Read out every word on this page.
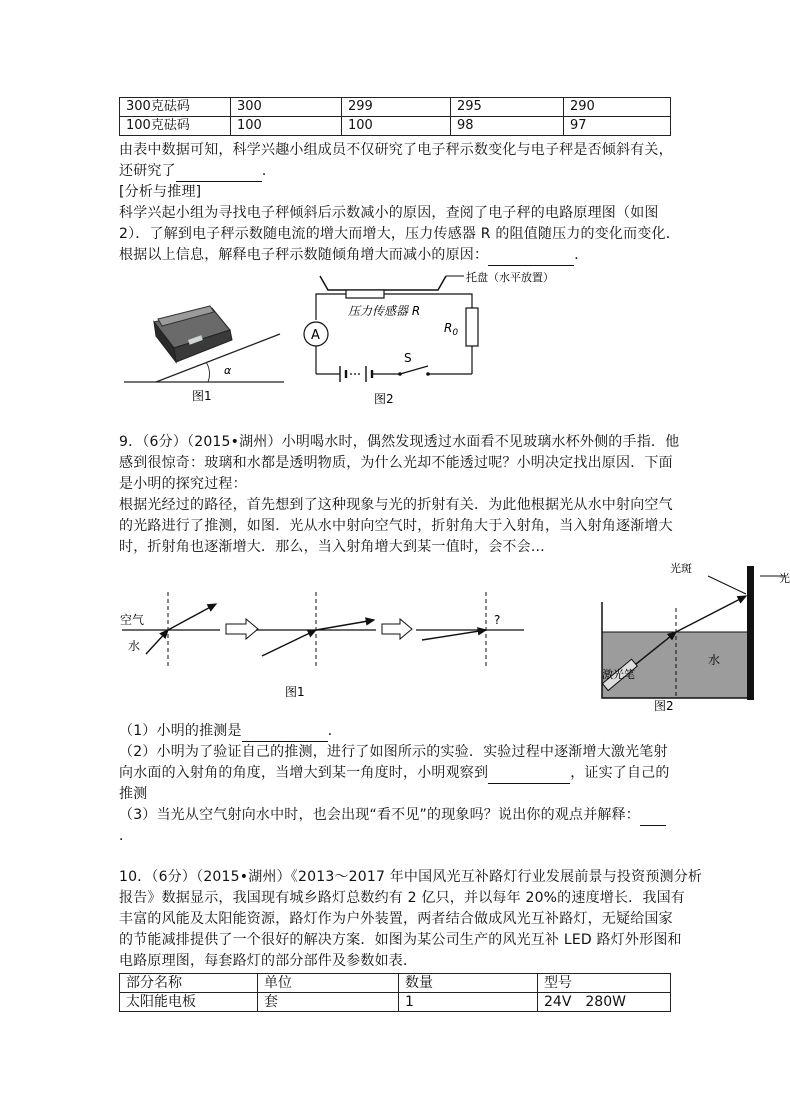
300克砝码	300	299	295	290
100克砝码	100	100	98	97
由表中数据可知，科学兴趣小组成员不仅研究了电子秤示数变化与电子秤是否倾斜有关，
还研究了	．
[分析与推理]
科学兴起小组为寻找电子秤倾斜后示数减小的原因，查阅了电子秤的电路原理图（如图
2）．了解到电子秤示数随电流的增大而增大，压力传感器 R 的阻值随压力的变化而变化．
根据以上信息，解释电子秤示数随倾角增大而减小的原因：	．
α
图1
托盘（水平放置）
压力传感器 R
A	$R_0$
S
图2
9．（6分）（2015•湖州）小明喝水时，偶然发现透过水面看不见玻璃水杯外侧的手指．他
感到很惊奇：玻璃和水都是透明物质，为什么光却不能透过呢？小明决定找出原因．下面
是小明的探究过程：
根据光经过的路径，首先想到了这种现象与光的折射有关．为此他根据光从水中射向空气
的光路进行了推测，如图．光从水中射向空气时，折射角大于入射角，当入射角逐渐增大
时，折射角也逐渐增大．那么，当入射角增大到某一值时，会不会…
空气
水
?
图1
光斑
光
激光笔
水
图2
（1）小明的推测是	．
（2）小明为了验证自己的推测，进行了如图所示的实验．实验过程中逐渐增大激光笔射
向水面的入射角的角度，当增大到某一角度时，小明观察到	，证实了自己的
推测
（3）当光从空气射向水中时，也会出现“看不见”的现象吗？说出你的观点并解释：
．
10．（6分）（2015•湖州）《2013～2017 年中国风光互补路灯行业发展前景与投资预测分析
报告》数据显示，我国现有城乡路灯总数约有 2 亿只，并以每年 20%的速度增长．我国有
丰富的风能及太阳能资源，路灯作为户外装置，两者结合做成风光互补路灯，无疑给国家
的节能减排提供了一个很好的解决方案．如图为某公司生产的风光互补 LED 路灯外形图和
电路原理图，每套路灯的部分部件及参数如表．
部分名称	单位	数量	型号
太阳能电板	套	1	24V　280W
